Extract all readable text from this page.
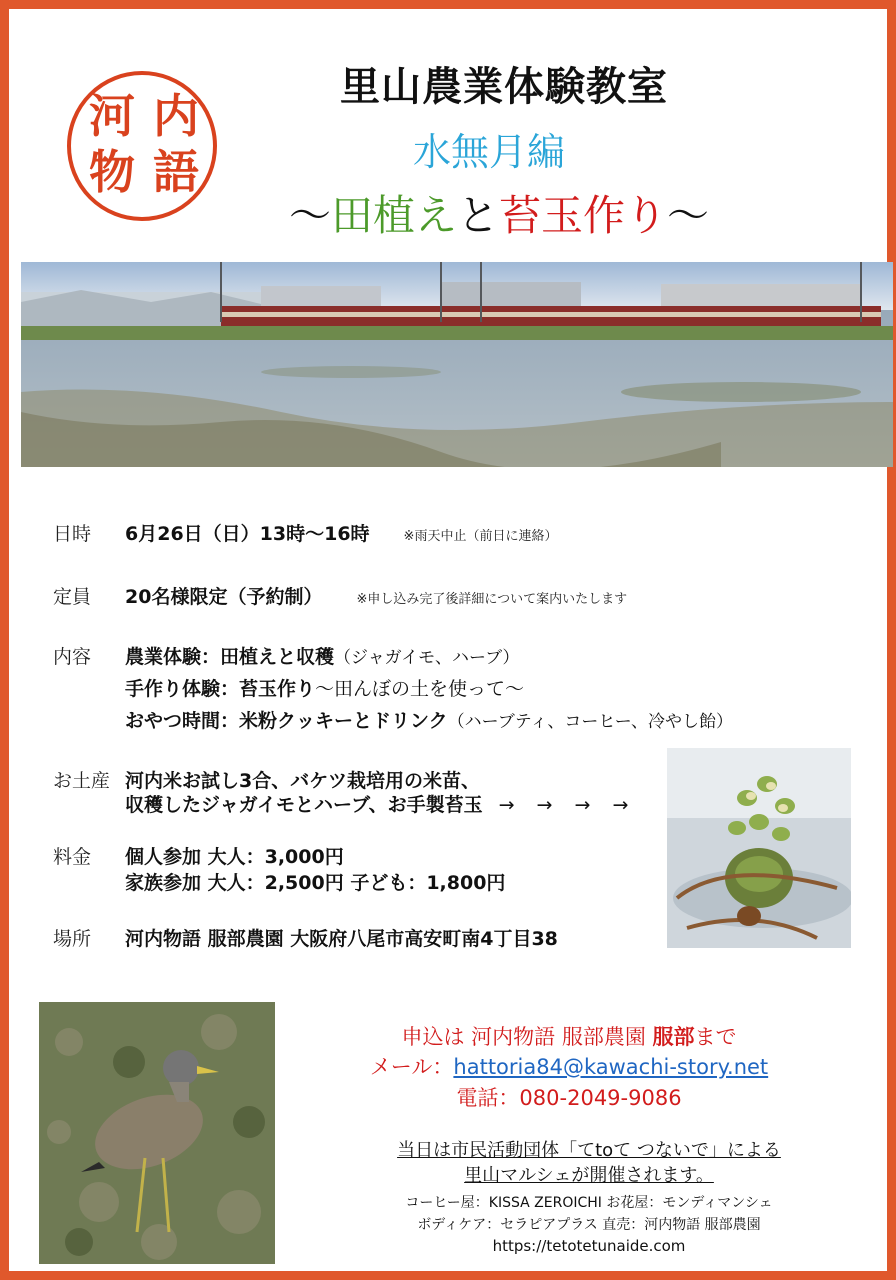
内
語
河
物
里山農業体験教室
水無月編
～田植えと苔玉作り～
日時 6月26日（日）13時～16時	※雨天中止（前日に連絡）
定員 20名様限定（予約制）	※申し込み完了後詳細について案内いたします
内容 農業体験：田植えと収穫（ジャガイモ、ハーブ）
手作り体験：苔玉作り～田んぼの土を使って～
おやつ時間：米粉クッキーとドリンク（ハーブティ、コーヒー、冷やし飴）
お土産 河内米お試し3合、バケツ栽培用の米苗、
収穫したジャガイモとハーブ、お手製苔玉 → → → →
料金 個人参加 大人：3,000円
家族参加 大人：2,500円 子ども：1,800円
場所 河内物語 服部農園 大阪府八尾市高安町南4丁目38
申込は 河内物語 服部農園 服部まで
メール：hattoria84@kawachi-story.net
電話：080-2049-9086
当日は市民活動団体「てtoて つないで」による
里山マルシェが開催されます。
コーヒー屋：KISSA ZEROICHI お花屋：モンディマンシェ
ボディケア：セラピアプラス 直売：河内物語 服部農園
https://tetotetunaide.com
